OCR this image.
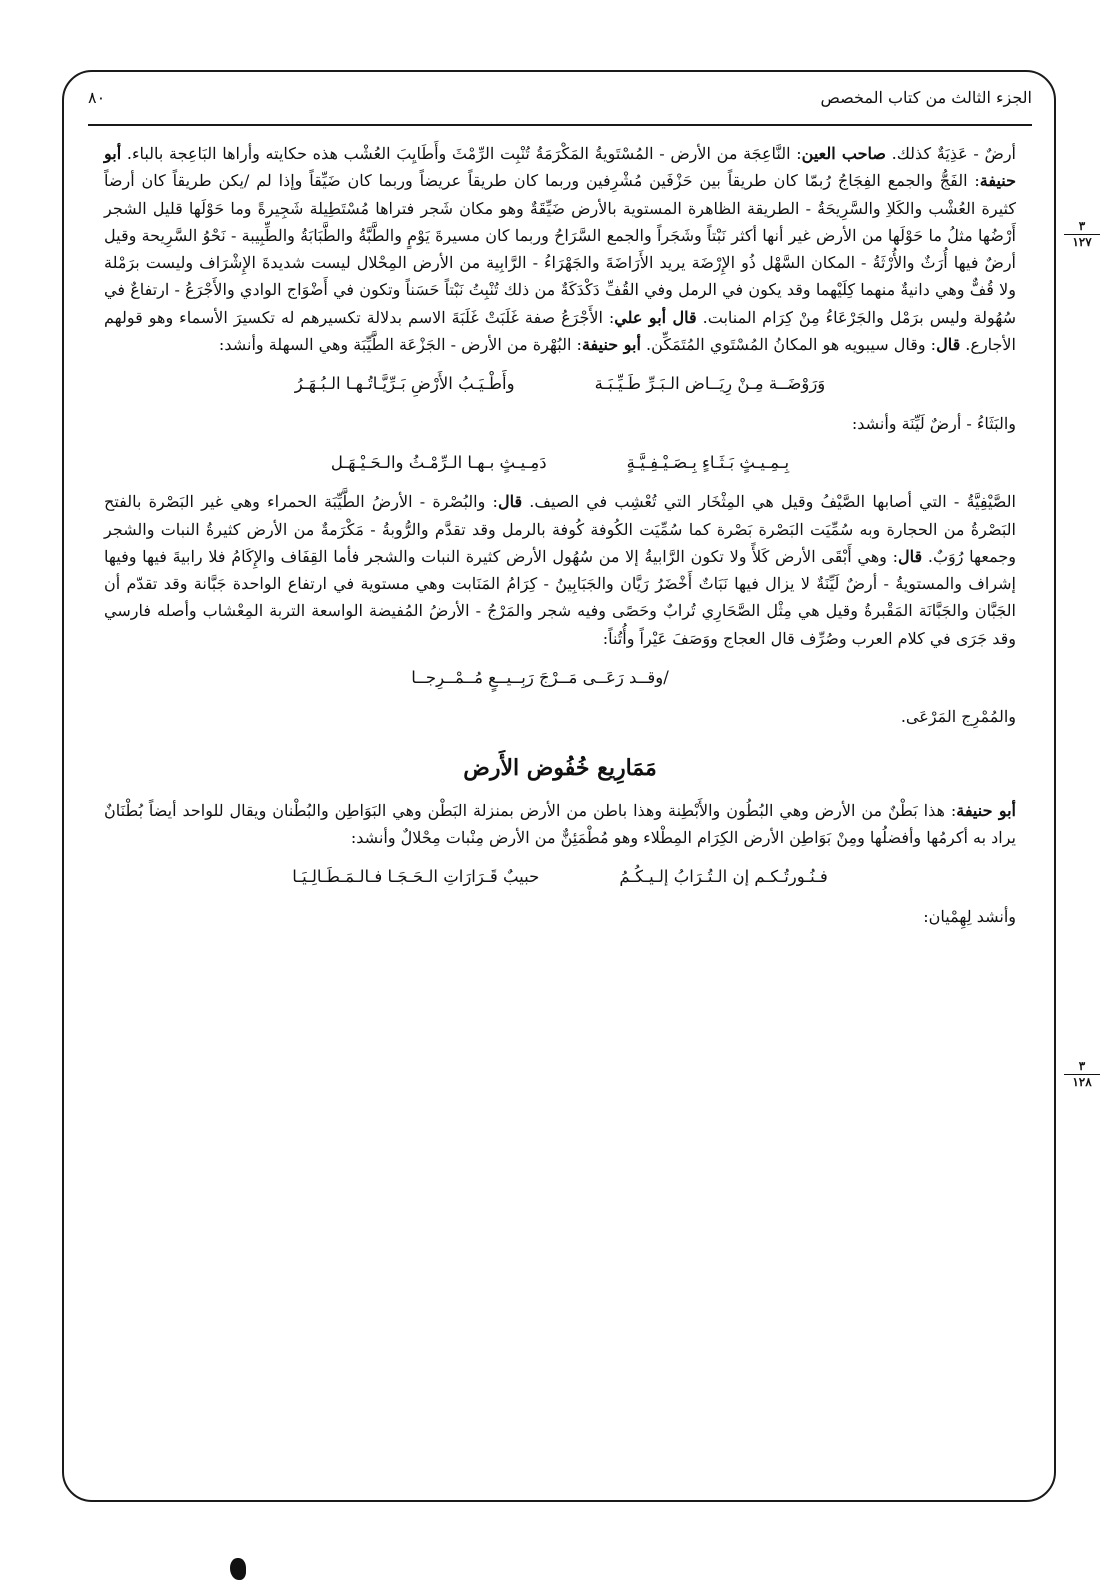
الجزء الثالث من كتاب المخصص
٨٠
٣
١٢٧
٣
١٢٨

أرضٌ - عَذِيَةٌ كذلك. صاحب العين: النَّاعِجَة من الأرض - المُسْتَويةُ المَكْرَمَةُ تُنْبِت الرِّمْثَ وأَطَايِبَ العُشْب هذه حكايته وأراها البَاعِجة بالباء. أبو حنيفة: الفَجُّ والجمع الفِجَاجُ رُبمّا كان طريقاً بين حَزْفَين مُشْرِفين وربما كان طريقاً عريضاً وربما كان ضَيِّقاً وإذا لم /يكن طريقاً كان أرضاً كثيرة العُشْب والكَلاِ والسَّرِيحَةُ - الطريقة الظاهرة المستوية بالأرض ضَيِّقَةٌ وهو مكان شَجر فتراها مُسْتَطِيلة شَجِيرةً وما حَوْلَها قليل الشجر أَرْضُها مثلُ ما حَوْلَها من الأرض غير أنها أكثر نَبْتاً وشَجَراً والجمع السَّرَاحُ وربما كان مسيرةَ يَوْمٍ والطَّبَّةُ والطَّبَابَةُ والطِّبِيبة - نَحْوُ السَّرِيحة وقيل أرضٌ فيها أُرَثٌ والأُرْثَةُ - المكان السَّهْل ذُو الإِرْضَة يريد الأَرَاضَةَ والجَهْرَاءُ - الرَّابِية من الأرض المِحْلال ليست شديدةَ الإِشْرَاف وليست برَمْلة ولا قُفٌّ وهي دانيةٌ منهما كِلَيْهما وقد يكون في الرمل وفي القُفِّ دَكْدَكَةٌ من ذلك تُنْبِتُ نَبْتاً حَسَناً وتكون في أَضْوَاج الوادي والأَجْرَعُ - ارتفاعٌ في سُهُولة وليس برَمْل والجَرْعَاءُ مِنْ كِرَام المنابت. قال أبو علي: الأَجْرَعُ صفة غَلَبَتْ غَلَبَةَ الاسم بدلالة تكسيرهم له تكسيرَ الأسماء وهو قولهم الأجارع. قال: وقال سيبويه هو المكانُ المُسْتَوي المُتَمَكِّن. أبو حنيفة: البُهْرة من الأرض - الجَزْعَة الطَّيِّبَة وهي السهلة وأنشد:

وَرَوْضَــة مِـنْ رِيَــاض الـبَـرِّ طَـيِّـبَـة
وأَطْـيَـبُ الأَرْضِ بَـرِّيَّـاتُـهـا الـبُـهَـرُ

والبَثَاءُ - أرضٌ لَيِّنَة وأنشد:

بِـمِـيـثٍ بَـثَـاءٍ بِـصَـيْـفِـيَّـةٍ
دَمِـيـثٍ بـهـا الـرِّمْـثُ والـحَـيْـهَـل

الصَّيْفِيَّةُ - التي أصابها الصَّيْفُ وقيل هي المِثْخَار التي تُعْشِب في الصيف. قال: والبُصْرة - الأرضُ الطَّيِّبَة الحمراء وهي غير البَصْرة بالفتح البَصْرةُ من الحجارة وبه سُمِّيَت البَصْرة بَصْرة كما سُمِّيَت الكُوفة كُوفة بالرمل وقد تقدَّم والرُّوبةُ - مَكْرَمةٌ من الأرض كثيرةُ النبات والشجر وجمعها رُوَبٌ. قال: وهي أَبْقَى الأرض كَلأً ولا تكون الرَّابيةُ إلا من سُهُول الأرض كثيرة النبات والشجر فأما القِفَاف والإِكَامُ فلا رابيةَ فيها وفيها إشراف والمستويةُ - أرضٌ لَيِّنَةٌ لا يزال فيها نَبَاتٌ أَخْضَرُ رَيَّان والجَبَابِينُ - كِرَامُ المَنَابت وهي مستوية في ارتفاع الواحدة جَبَّانة وقد تقدّم أن الجَبَّان والجَبَّانَة المَقْبرةُ وقيل هي مِثْل الصَّحَارِي تُرابٌ وحَصًى وفيه شجر والمَرْجُ - الأرضُ المُفيضة الواسعة التربة المِعْشاب وأصله فارسي وقد جَرَى في كلام العرب وصُرِّف قال العجاج ووَصَفَ عَيْراً وأُتُناً:

/وقــد رَعَــى مَــرْجَ رَبِــيــعٍ مُــمْــرِجــا

والمُمْرِج المَرْعَى.

مَمَارِيع خُفُوض الأَرض

أبو حنيفة: هذا بَطْنٌ من الأرض وهي البُطُون والأَبْطِنة وهذا باطن من الأرض بمنزلة البَطْن وهي البَوَاطِن والبُطْنان ويقال للواحد أيضاً بُطْنَانٌ يراد به أكرمُها وأفضلُها ومِنْ بَوَاطِن الأرض الكِرَام المِطْلاء وهو مُطْمَئِنٌّ من الأرض مِنْبات مِحْلالٌ وأنشد:

فـنُـورتُـكـم إن الـتُـرَابُ إلـيـكُـمُ
حبيبٌ قَـرَارَاتِ الـحَـجَـا فـالـمَـطَـالِـيَـا

وأنشد لِهِمْيان:
